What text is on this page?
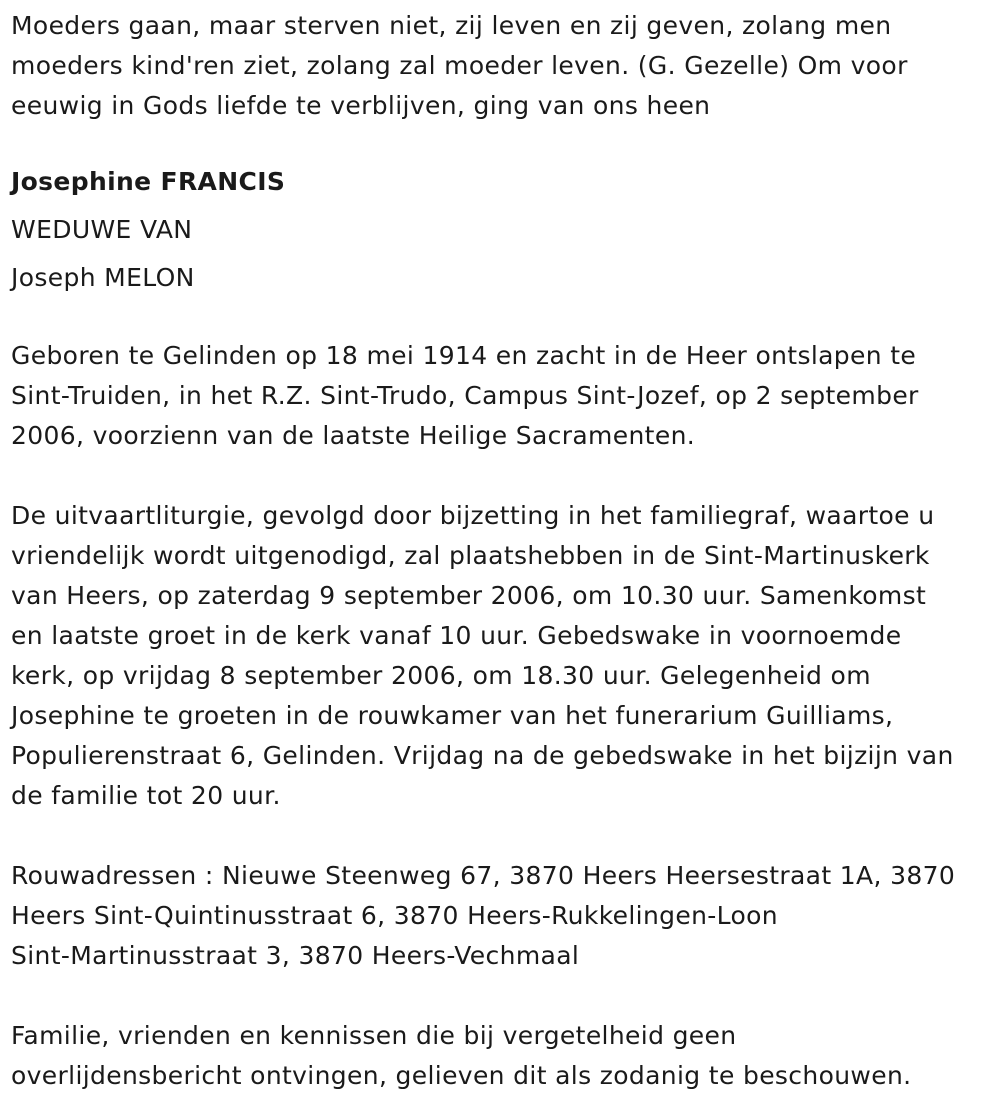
Moeders gaan, maar sterven niet, zij leven en zij geven, zolang men
moeders kind'ren ziet, zolang zal moeder leven. (G. Gezelle) Om voor
eeuwig in Gods liefde te verblijven, ging van ons heen

Josephine FRANCIS

WEDUWE VAN

Joseph MELON

Geboren te Gelinden op 18 mei 1914 en zacht in de Heer ontslapen te
Sint-Truiden, in het R.Z. Sint-Trudo, Campus Sint-Jozef, op 2 september
2006, voorzienn van de laatste Heilige Sacramenten.

De uitvaartliturgie, gevolgd door bijzetting in het familiegraf, waartoe u
vriendelijk wordt uitgenodigd, zal plaatshebben in de Sint-Martinuskerk
van Heers, op zaterdag 9 september 2006, om 10.30 uur. Samenkomst
en laatste groet in de kerk vanaf 10 uur. Gebedswake in voornoemde
kerk, op vrijdag 8 september 2006, om 18.30 uur. Gelegenheid om
Josephine te groeten in de rouwkamer van het funerarium Guilliams,
Populierenstraat 6, Gelinden. Vrijdag na de gebedswake in het bijzijn van
de familie tot 20 uur.

Rouwadressen : Nieuwe Steenweg 67, 3870 Heers Heersestraat 1A, 3870
Heers Sint-Quintinusstraat 6, 3870 Heers-Rukkelingen-Loon
Sint-Martinusstraat 3, 3870 Heers-Vechmaal

Familie, vrienden en kennissen die bij vergetelheid geen
overlijdensbericht ontvingen, gelieven dit als zodanig te beschouwen.
